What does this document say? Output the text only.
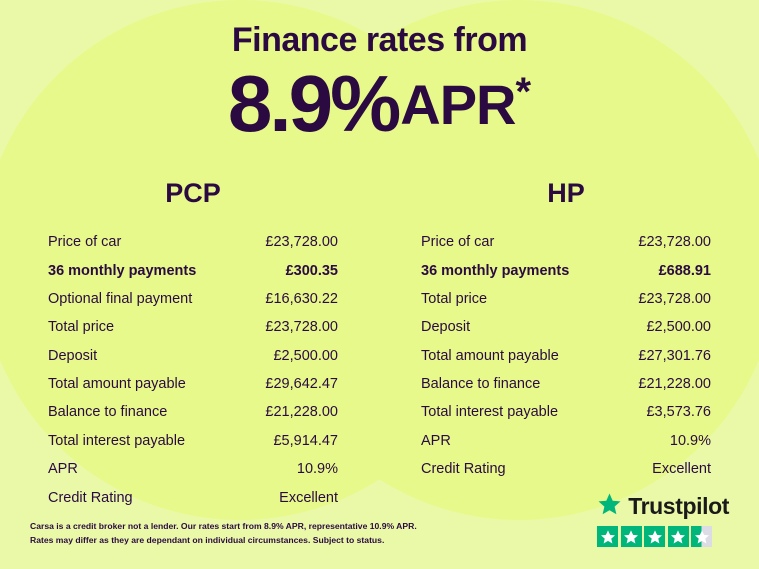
Finance rates from
8.9%APR*
PCP
Price of car	£23,728.00
36 monthly payments	£300.35
Optional final payment	£16,630.22
Total price	£23,728.00
Deposit	£2,500.00
Total amount payable	£29,642.47
Balance to finance	£21,228.00
Total interest payable	£5,914.47
APR	10.9%
Credit Rating	Excellent
HP
Price of car	£23,728.00
36 monthly payments	£688.91
Total price	£23,728.00
Deposit	£2,500.00
Total amount payable	£27,301.76
Balance to finance	£21,228.00
Total interest payable	£3,573.76
APR	10.9%
Credit Rating	Excellent
Carsa is a credit broker not a lender. Our rates start from 8.9% APR, representative 10.9% APR.
Rates may differ as they are dependant on individual circumstances. Subject to status.
Trustpilot
